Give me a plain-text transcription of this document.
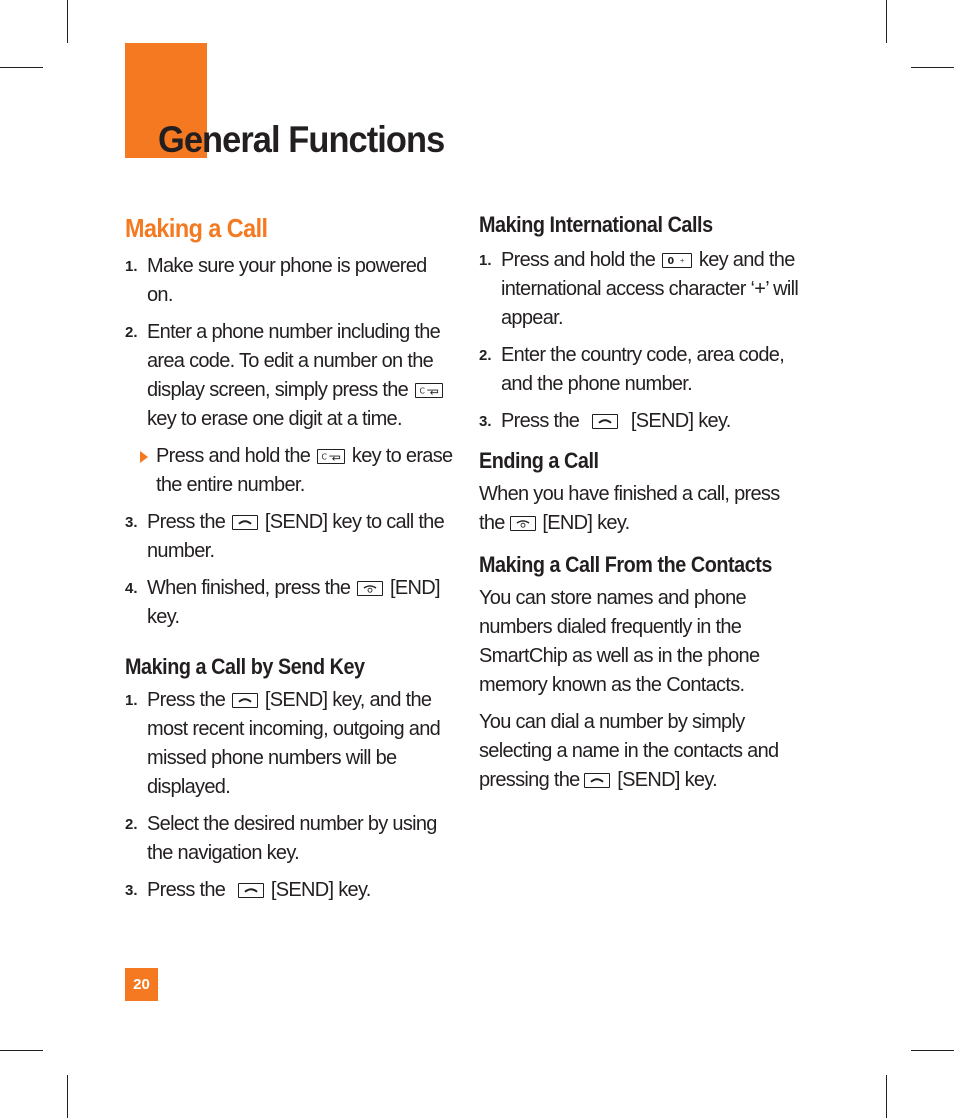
General Functions
Making a Call
1. Make sure your phone is powered on.
2. Enter a phone number including the area code. To edit a number on the display screen, simply press the C
key to erase one digit at a time.
Press and hold the C key to erase the entire number.
3. Press the [SEND] key to call the number.
4. When finished, press the [END] key.
Making a Call by Send Key
1. Press the [SEND] key, and the most recent incoming, outgoing and missed phone numbers will be displayed.
2. Select the desired number by using the navigation key.
3. Press the [SEND] key.
Making International Calls
1. Press and hold the 0 + key and the international access character ‘+’ will appear.
2. Enter the country code, area code, and the phone number.
3. Press the	[SEND] key.
Ending a Call

When you have finished a call, press the [END] key.

Making a Call From the Contacts

You can store names and phone numbers dialed frequently in the SmartChip as well as in the phone memory known as the Contacts.

You can dial a number by simply selecting a name in the contacts and pressing the [SEND] key.

20
